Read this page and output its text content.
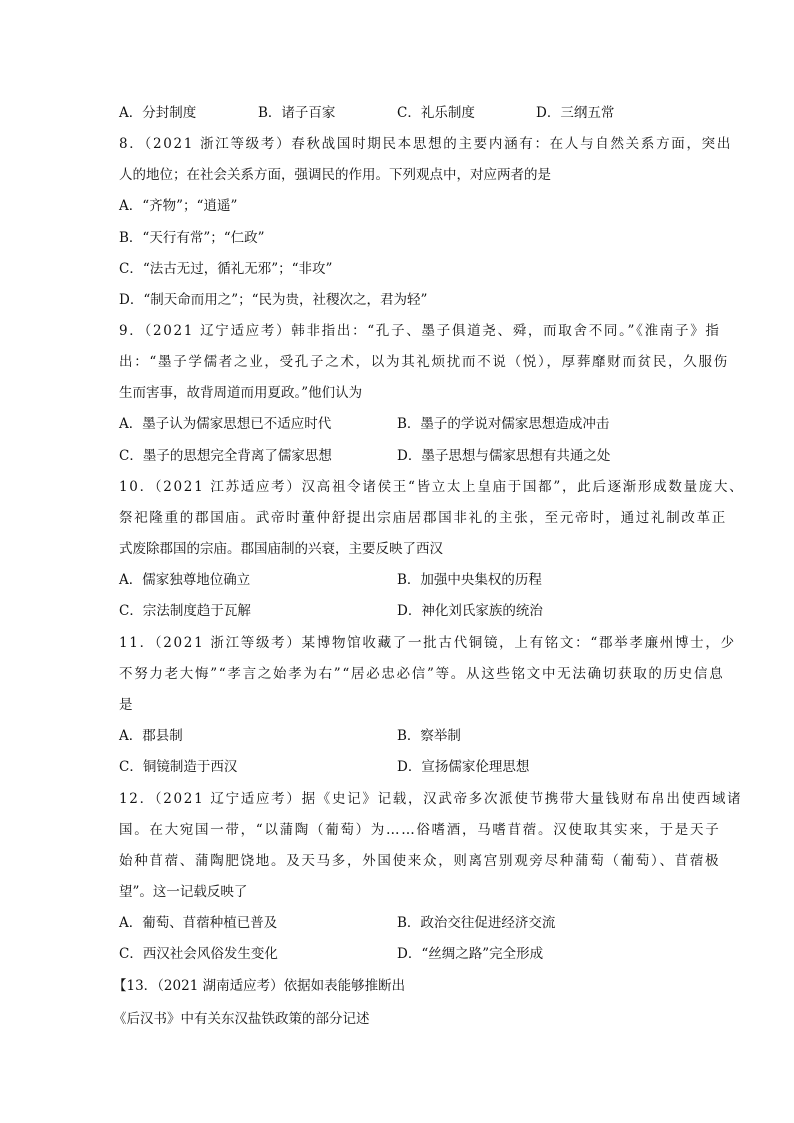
A．分封制度	B．诸子百家	C．礼乐制度	D．三纲五常
8．（2021 浙江等级考）春秋战国时期民本思想的主要内涵有：在人与自然关系方面，突出
人的地位；在社会关系方面，强调民的作用。下列观点中，对应两者的是
A．“齐物”；“逍遥”
B．“天行有常”；“仁政”
C．“法古无过，循礼无邪”；“非攻”
D．“制天命而用之”；“民为贵，社稷次之，君为轻”
9．（2021 辽宁适应考）韩非指出：“孔子、墨子俱道尧、舜，而取舍不同。”《淮南子》指
出：“墨子学儒者之业，受孔子之术，以为其礼烦扰而不说（悦），厚葬靡财而贫民，久服伤
生而害事，故背周道而用夏政。”他们认为
A．墨子认为儒家思想已不适应时代	B．墨子的学说对儒家思想造成冲击
C．墨子的思想完全背离了儒家思想	D．墨子思想与儒家思想有共通之处
10．（2021 江苏适应考）汉高祖令诸侯王“皆立太上皇庙于国都”，此后逐渐形成数量庞大、
祭祀隆重的郡国庙。武帝时董仲舒提出宗庙居郡国非礼的主张，至元帝时，通过礼制改革正
式废除郡国的宗庙。郡国庙制的兴衰，主要反映了西汉
A．儒家独尊地位确立	B．加强中央集权的历程
C．宗法制度趋于瓦解	D．神化刘氏家族的统治
11．（2021 浙江等级考）某博物馆收藏了一批古代铜镜，上有铭文：“郡举孝廉州博士，少
不努力老大悔”“孝言之始孝为右”“居必忠必信”等。从这些铭文中无法确切获取的历史信息
是
A．郡县制	B．察举制
C．铜镜制造于西汉	D．宣扬儒家伦理思想
12．（2021 辽宁适应考）据《史记》记载，汉武帝多次派使节携带大量钱财布帛出使西域诸
国。在大宛国一带，“以蒲陶（葡萄）为……俗嗜酒，马嗜苜蓿。汉使取其实来，于是天子
始种苜蓿、蒲陶肥饶地。及天马多，外国使来众，则离宫别观旁尽种蒲萄（葡萄）、苜蓿极
望”。这一记载反映了
A．葡萄、苜蓿种植已普及	B．政治交往促进经济交流
C．西汉社会风俗发生变化	D．“丝绸之路”完全形成
【13．（2021 湖南适应考）依据如表能够推断出
《后汉书》中有关东汉盐铁政策的部分记述
